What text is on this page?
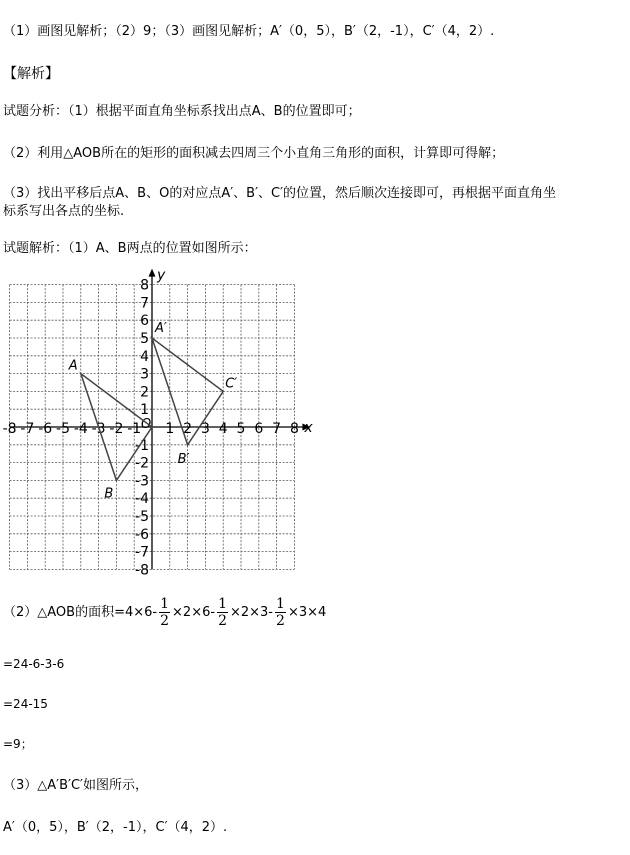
（1）画图见解析；（2）9；（3）画图见解析；A′（0，5），B′（2，-1），C′（4，2）.
【解析】
试题分析：（1）根据平面直角坐标系找出点A、B的位置即可；
（2）利用△AOB所在的矩形的面积减去四周三个小直角三角形的面积，计算即可得解；
（3）找出平移后点A、B、O的对应点A′、B′、C′的位置，然后顺次连接即可，再根据平面直角坐
标系写出各点的坐标.
试题解析：（1）A、B两点的位置如图所示：
x
y
O
-8 -7 -6 -5 -4 -3 -2 -1 1 2 3 4 5 6 7 8
8
7
6
5
4
3
2
1
-1
-2
-3
-4
-5
-6
-7
-8
A
B
A′
B′
C′
（2）△AOB的面积$=4\times 6- \frac{1}{2} \times 2\times 6- \frac{1}{2} \times 2\times 3- \frac{1}{2} \times 3\times 4$
=24-6-3-6
=24-15
=9；
（3）△A′B′C′如图所示，
A′（0，5），B′（2，-1），C′（4，2）.
